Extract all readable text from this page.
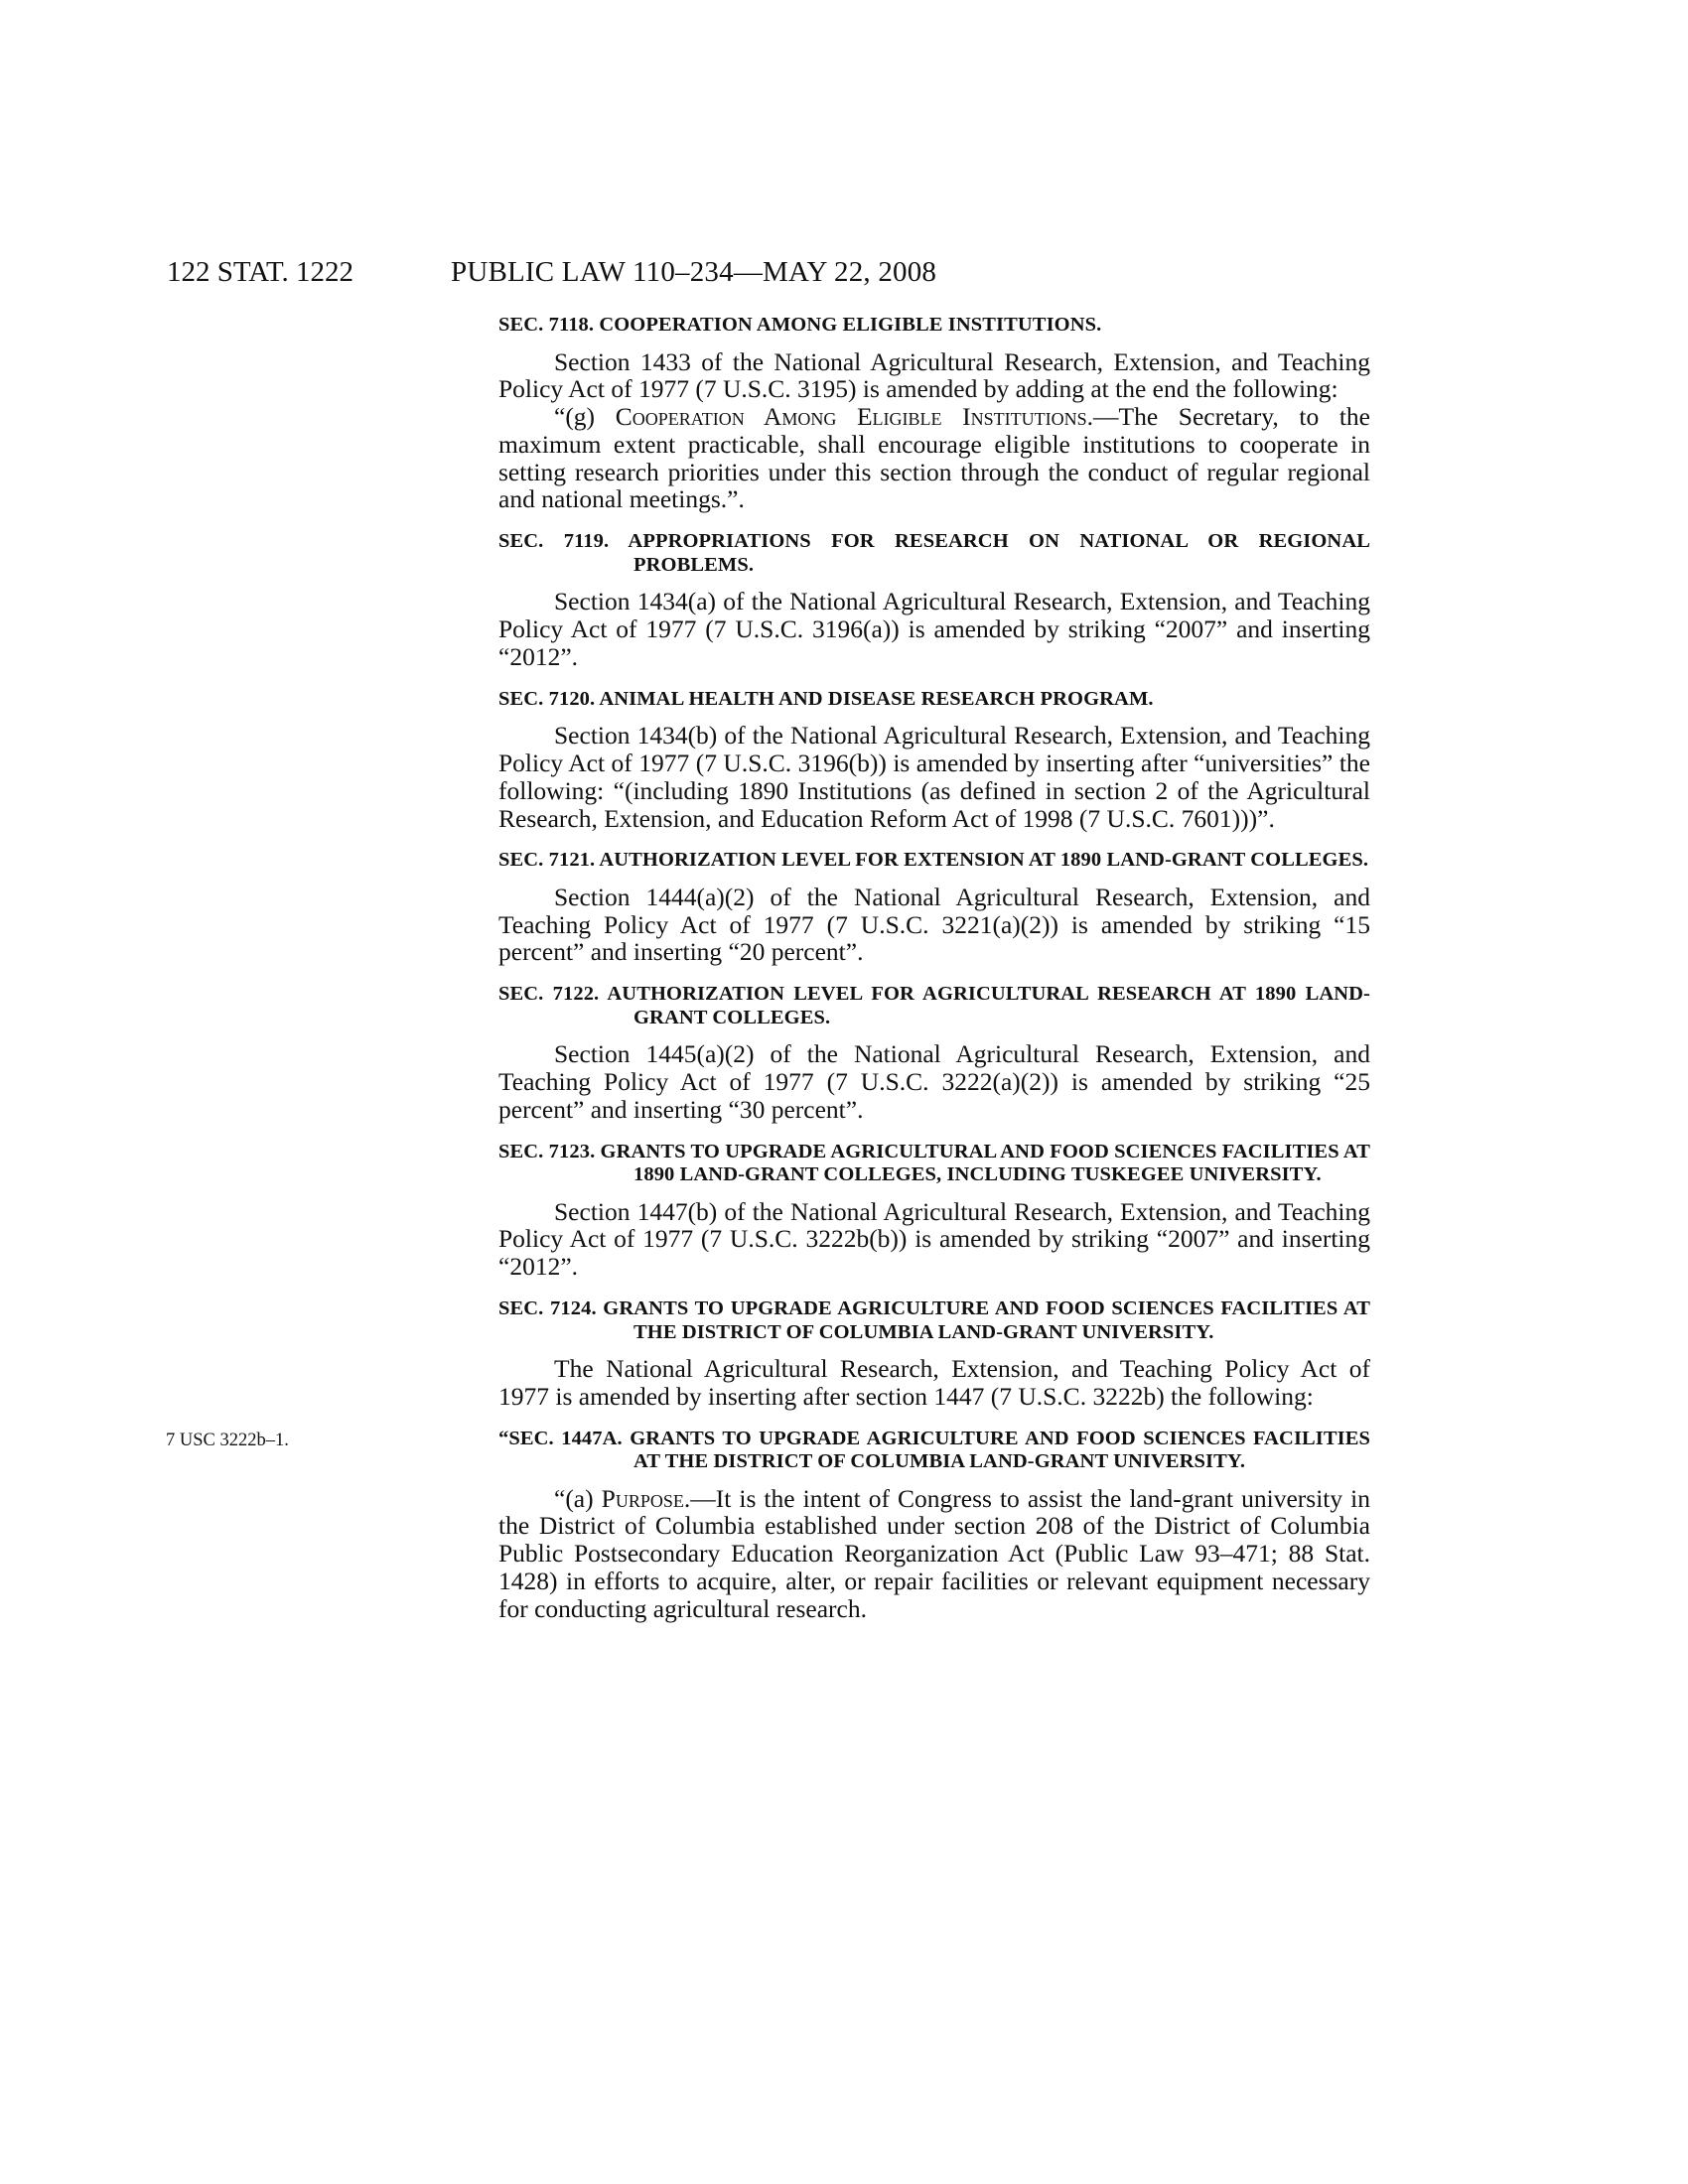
122 STAT. 1222	PUBLIC LAW 110–234—MAY 22, 2008

SEC. 7118. COOPERATION AMONG ELIGIBLE INSTITUTIONS.

Section 1433 of the National Agricultural Research, Extension, and Teaching Policy Act of 1977 (7 U.S.C. 3195) is amended by adding at the end the following:

“(g) Cooperation Among Eligible Institutions.—The Secretary, to the maximum extent practicable, shall encourage eligible institutions to cooperate in setting research priorities under this section through the conduct of regular regional and national meetings.”.

SEC. 7119. APPROPRIATIONS FOR RESEARCH ON NATIONAL OR REGIONAL PROBLEMS.

Section 1434(a) of the National Agricultural Research, Extension, and Teaching Policy Act of 1977 (7 U.S.C. 3196(a)) is amended by striking “2007” and inserting “2012”.

SEC. 7120. ANIMAL HEALTH AND DISEASE RESEARCH PROGRAM.

Section 1434(b) of the National Agricultural Research, Extension, and Teaching Policy Act of 1977 (7 U.S.C. 3196(b)) is amended by inserting after “universities” the following: “(including 1890 Institutions (as defined in section 2 of the Agricultural Research, Extension, and Education Reform Act of 1998 (7 U.S.C. 7601)))”.

SEC. 7121. AUTHORIZATION LEVEL FOR EXTENSION AT 1890 LAND-GRANT COLLEGES.

Section 1444(a)(2) of the National Agricultural Research, Extension, and Teaching Policy Act of 1977 (7 U.S.C. 3221(a)(2)) is amended by striking “15 percent” and inserting “20 percent”.

SEC. 7122. AUTHORIZATION LEVEL FOR AGRICULTURAL RESEARCH AT 1890 LAND-GRANT COLLEGES.

Section 1445(a)(2) of the National Agricultural Research, Extension, and Teaching Policy Act of 1977 (7 U.S.C. 3222(a)(2)) is amended by striking “25 percent” and inserting “30 percent”.

SEC. 7123. GRANTS TO UPGRADE AGRICULTURAL AND FOOD SCIENCES FACILITIES AT 1890 LAND-GRANT COLLEGES, INCLUDING TUSKEGEE UNIVERSITY.

Section 1447(b) of the National Agricultural Research, Extension, and Teaching Policy Act of 1977 (7 U.S.C. 3222b(b)) is amended by striking “2007” and inserting “2012”.

SEC. 7124. GRANTS TO UPGRADE AGRICULTURE AND FOOD SCIENCES FACILITIES AT THE DISTRICT OF COLUMBIA LAND-GRANT UNIVERSITY.

The National Agricultural Research, Extension, and Teaching Policy Act of 1977 is amended by inserting after section 1447 (7 U.S.C. 3222b) the following:

7 USC 3222b–1.	“SEC. 1447A. GRANTS TO UPGRADE AGRICULTURE AND FOOD SCIENCES FACILITIES AT THE DISTRICT OF COLUMBIA LAND-GRANT UNIVERSITY.

“(a) Purpose.—It is the intent of Congress to assist the land-grant university in the District of Columbia established under section 208 of the District of Columbia Public Postsecondary Education Reorganization Act (Public Law 93–471; 88 Stat. 1428) in efforts to acquire, alter, or repair facilities or relevant equipment necessary for conducting agricultural research.
